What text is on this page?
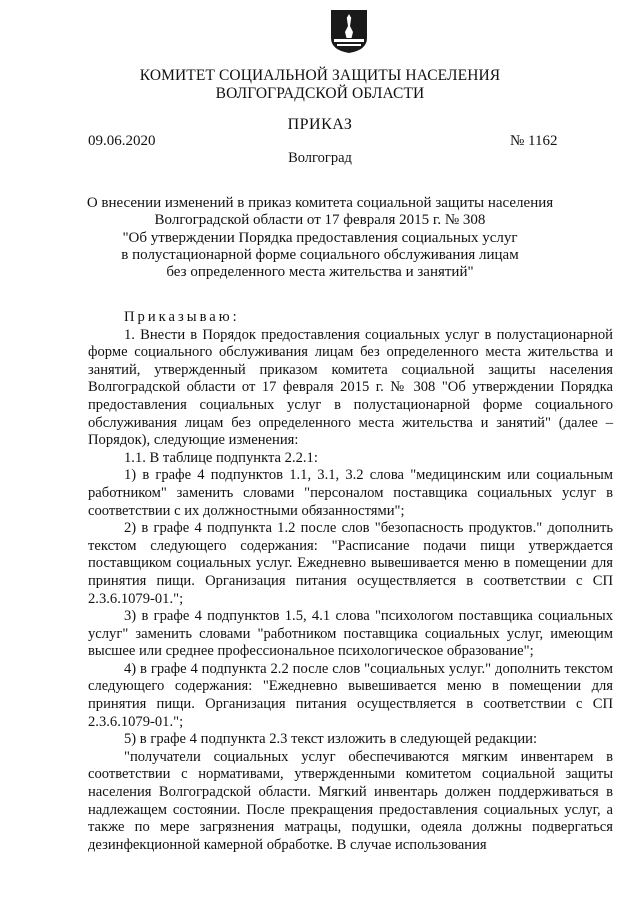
КОМИТЕТ СОЦИАЛЬНОЙ ЗАЩИТЫ НАСЕЛЕНИЯ
ВОЛГОГРАДСКОЙ ОБЛАСТИ
ПРИКАЗ
09.06.2020	№ 1162
Волгоград
О внесении изменений в приказ комитета социальной защиты населения
Волгоградской области от 17 февраля 2015 г. № 308
"Об утверждении Порядка предоставления социальных услуг
в полустационарной форме социального обслуживания лицам
без определенного места жительства и занятий"

Приказываю:

1. Внести в Порядок предоставления социальных услуг в полустационарной форме социального обслуживания лицам без определенного места жительства и занятий, утвержденный приказом комитета социальной защиты населения Волгоградской области от 17 февраля 2015 г. № 308 "Об утверждении Порядка предоставления социальных услуг в полустационарной форме социального обслуживания лицам без определенного места жительства и занятий" (далее – Порядок), следующие изменения:

1.1. В таблице подпункта 2.2.1:

1) в графе 4 подпунктов 1.1, 3.1, 3.2 слова "медицинским или социальным работником" заменить словами "персоналом поставщика социальных услуг в соответствии с их должностными обязанностями";

2) в графе 4 подпункта 1.2 после слов "безопасность продуктов." дополнить текстом следующего содержания: "Расписание подачи пищи утверждается поставщиком социальных услуг. Ежедневно вывешивается меню в помещении для принятия пищи. Организация питания осуществляется в соответствии с СП 2.3.6.1079-01.";

3) в графе 4 подпунктов 1.5, 4.1 слова "психологом поставщика социальных услуг" заменить словами "работником поставщика социальных услуг, имеющим высшее или среднее профессиональное психологическое образование";

4) в графе 4 подпункта 2.2 после слов "социальных услуг." дополнить текстом следующего содержания: "Ежедневно вывешивается меню в помещении для принятия пищи. Организация питания осуществляется в соответствии с СП 2.3.6.1079-01.";

5) в графе 4 подпункта 2.3 текст изложить в следующей редакции:

"получатели социальных услуг обеспечиваются мягким инвентарем в соответствии с нормативами, утвержденными комитетом социальной защиты населения Волгоградской области. Мягкий инвентарь должен поддерживаться в надлежащем состоянии. После прекращения предоставления социальных услуг, а также по мере загрязнения матрацы, подушки, одеяла должны подвергаться дезинфекционной камерной обработке. В случае использования
